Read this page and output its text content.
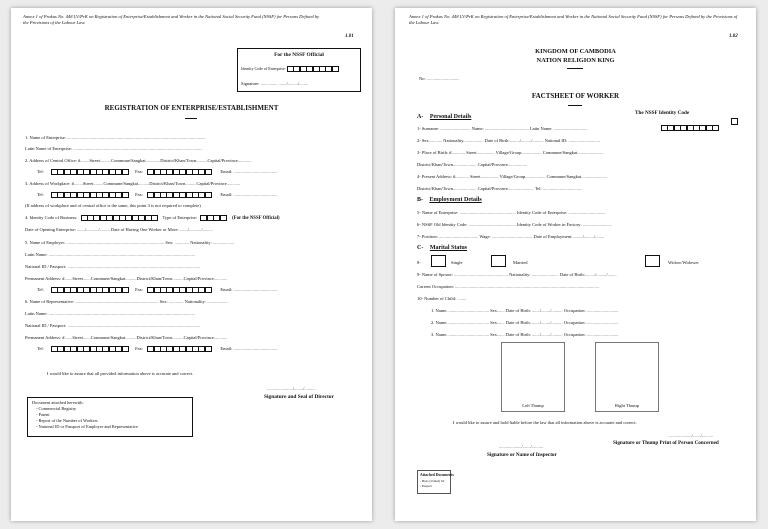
Annex 1 of Prakas No. 448 LV/PrK on Registration of Enterprise/Establishment and Worker in the National Social Security Fund (NSSF) for Persons Defined by the Provisions of the Labour Law.
1.01
For the NSSF Official
Identity Code of Enterprise:
Signature: ............... ......./........./........
REGISTRATION OF ENTERPRISE/ESTABLISHMENT
1. Name of Enterprise: ...........................................................................................................................
Latin Name of Enterprise: ...................................................................................................................
2. Address of Central Office: #........Street..........Commune/Sangkat.............District/Khan/Town..........Capital/Province............
Tel:	Fax:	Email: .......................................
3. Address of Workplace: #........Street.........Commune/Sangkat..........District/Khan/Town..........Capital/Province............
Tel:	Fax:	Email: .......................................
(If address of workplace and of central office is the same, this point 3 is not required to complete)
4. Identity Code of Business:	Type of Enterprise:	(For the NSSF Official)
Date of Opening Enterprise: ......./.........../......... Date of Having One Worker or More: ......./.........../.........
5. Name of Employer: ....................................................................................... Sex: ............. Nationality: ...................
Latin Name: ..................................................................................................................................
National ID / Passport: ......................................................................................................................
Permanent Address: #.......Street.......Commune/Sangkat..........District/Khan/Town..........Capital/Province............
Tel:	Fax:	Email: .......................................
6. Name of Representative: .......................................................................... Sex: ............. Nationality: ...................
Latin Name: ..................................................................................................................................
National ID / Passport: ......................................................................................................................
Permanent Address: #.......Street.......Commune/Sangkat..........District/Khan/Town..........Capital/Province............
Tel:	Fax:	Email: .......................................
I would like to assure that all provided information above is accurate and correct.
......................./......../..........
Signature and Seal of Director
Document attached herewith:
- Commercial Registry
- Patent
- Report of the Number of Workers
- National ID or Passport of Employer and Representative
Annex 1 of Prakas No. 448 LV/PrK on Registration of Enterprise/Establishment and Worker in the National Social Security Fund (NSSF) for Persons Defined by the Provisions of the Labour Law.
1.02
KINGDOM OF CAMBODIA
NATION RELIGION KING
No: .............................
FACTSHEET OF WORKER
The NSSF Identity Code
A- Personal Details
1- Surname: ........................... Name: ....................................... Latin Name: ..............................
2- Sex............ Nationality.................. Date of Birth:........./........./.......... National ID: ............................
3- Place of Birth: #............ Street................ Village/Group.................. Commune/Sangkat.......................
District/Khan/Town..................... Capital/Province.................
4- Present Address: #............ Street................ Village/Group.................. Commune/Sangkat.......................
District/Khan/Town..................... Capital/Province....................... Tel: ...................................
B- Employment Details
5- Name of Enterprise: .................................................. Identity Code of Enterprise: .................................
6- NSSF Old Identity Code: .......................................... Identity Code of Worker in Factory: ..........................
7- Position: ................................... Wage: .................................... Date of Employment:........./........./........
C- Marital Status
8-	Single	Married	Widow/Widower
9- Name of Spouse: ................................................ Nationality: ........................ Date of Birth:........./........./........
Current Occupation: ................................................................................................................................
10- Number of Child: ........
1. Name...................................... Sex....... Date of Birth: ......./......../.......... Occupation: ............................
2. Name...................................... Sex....... Date of Birth: ......./......../.......... Occupation: ............................
3. Name...................................... Sex....... Date of Birth: ......./......../.......... Occupation: ............................
Left Thump	Right Thump
I would like to assure and hold liable before the law that all information above is accurate and correct.
..................../......./..........
Signature or Thump Print of Person Concerned
..................../......./..........
Signature or Name of Inspector
Attached Documents
- Photo (Voided) X2
- Passport
